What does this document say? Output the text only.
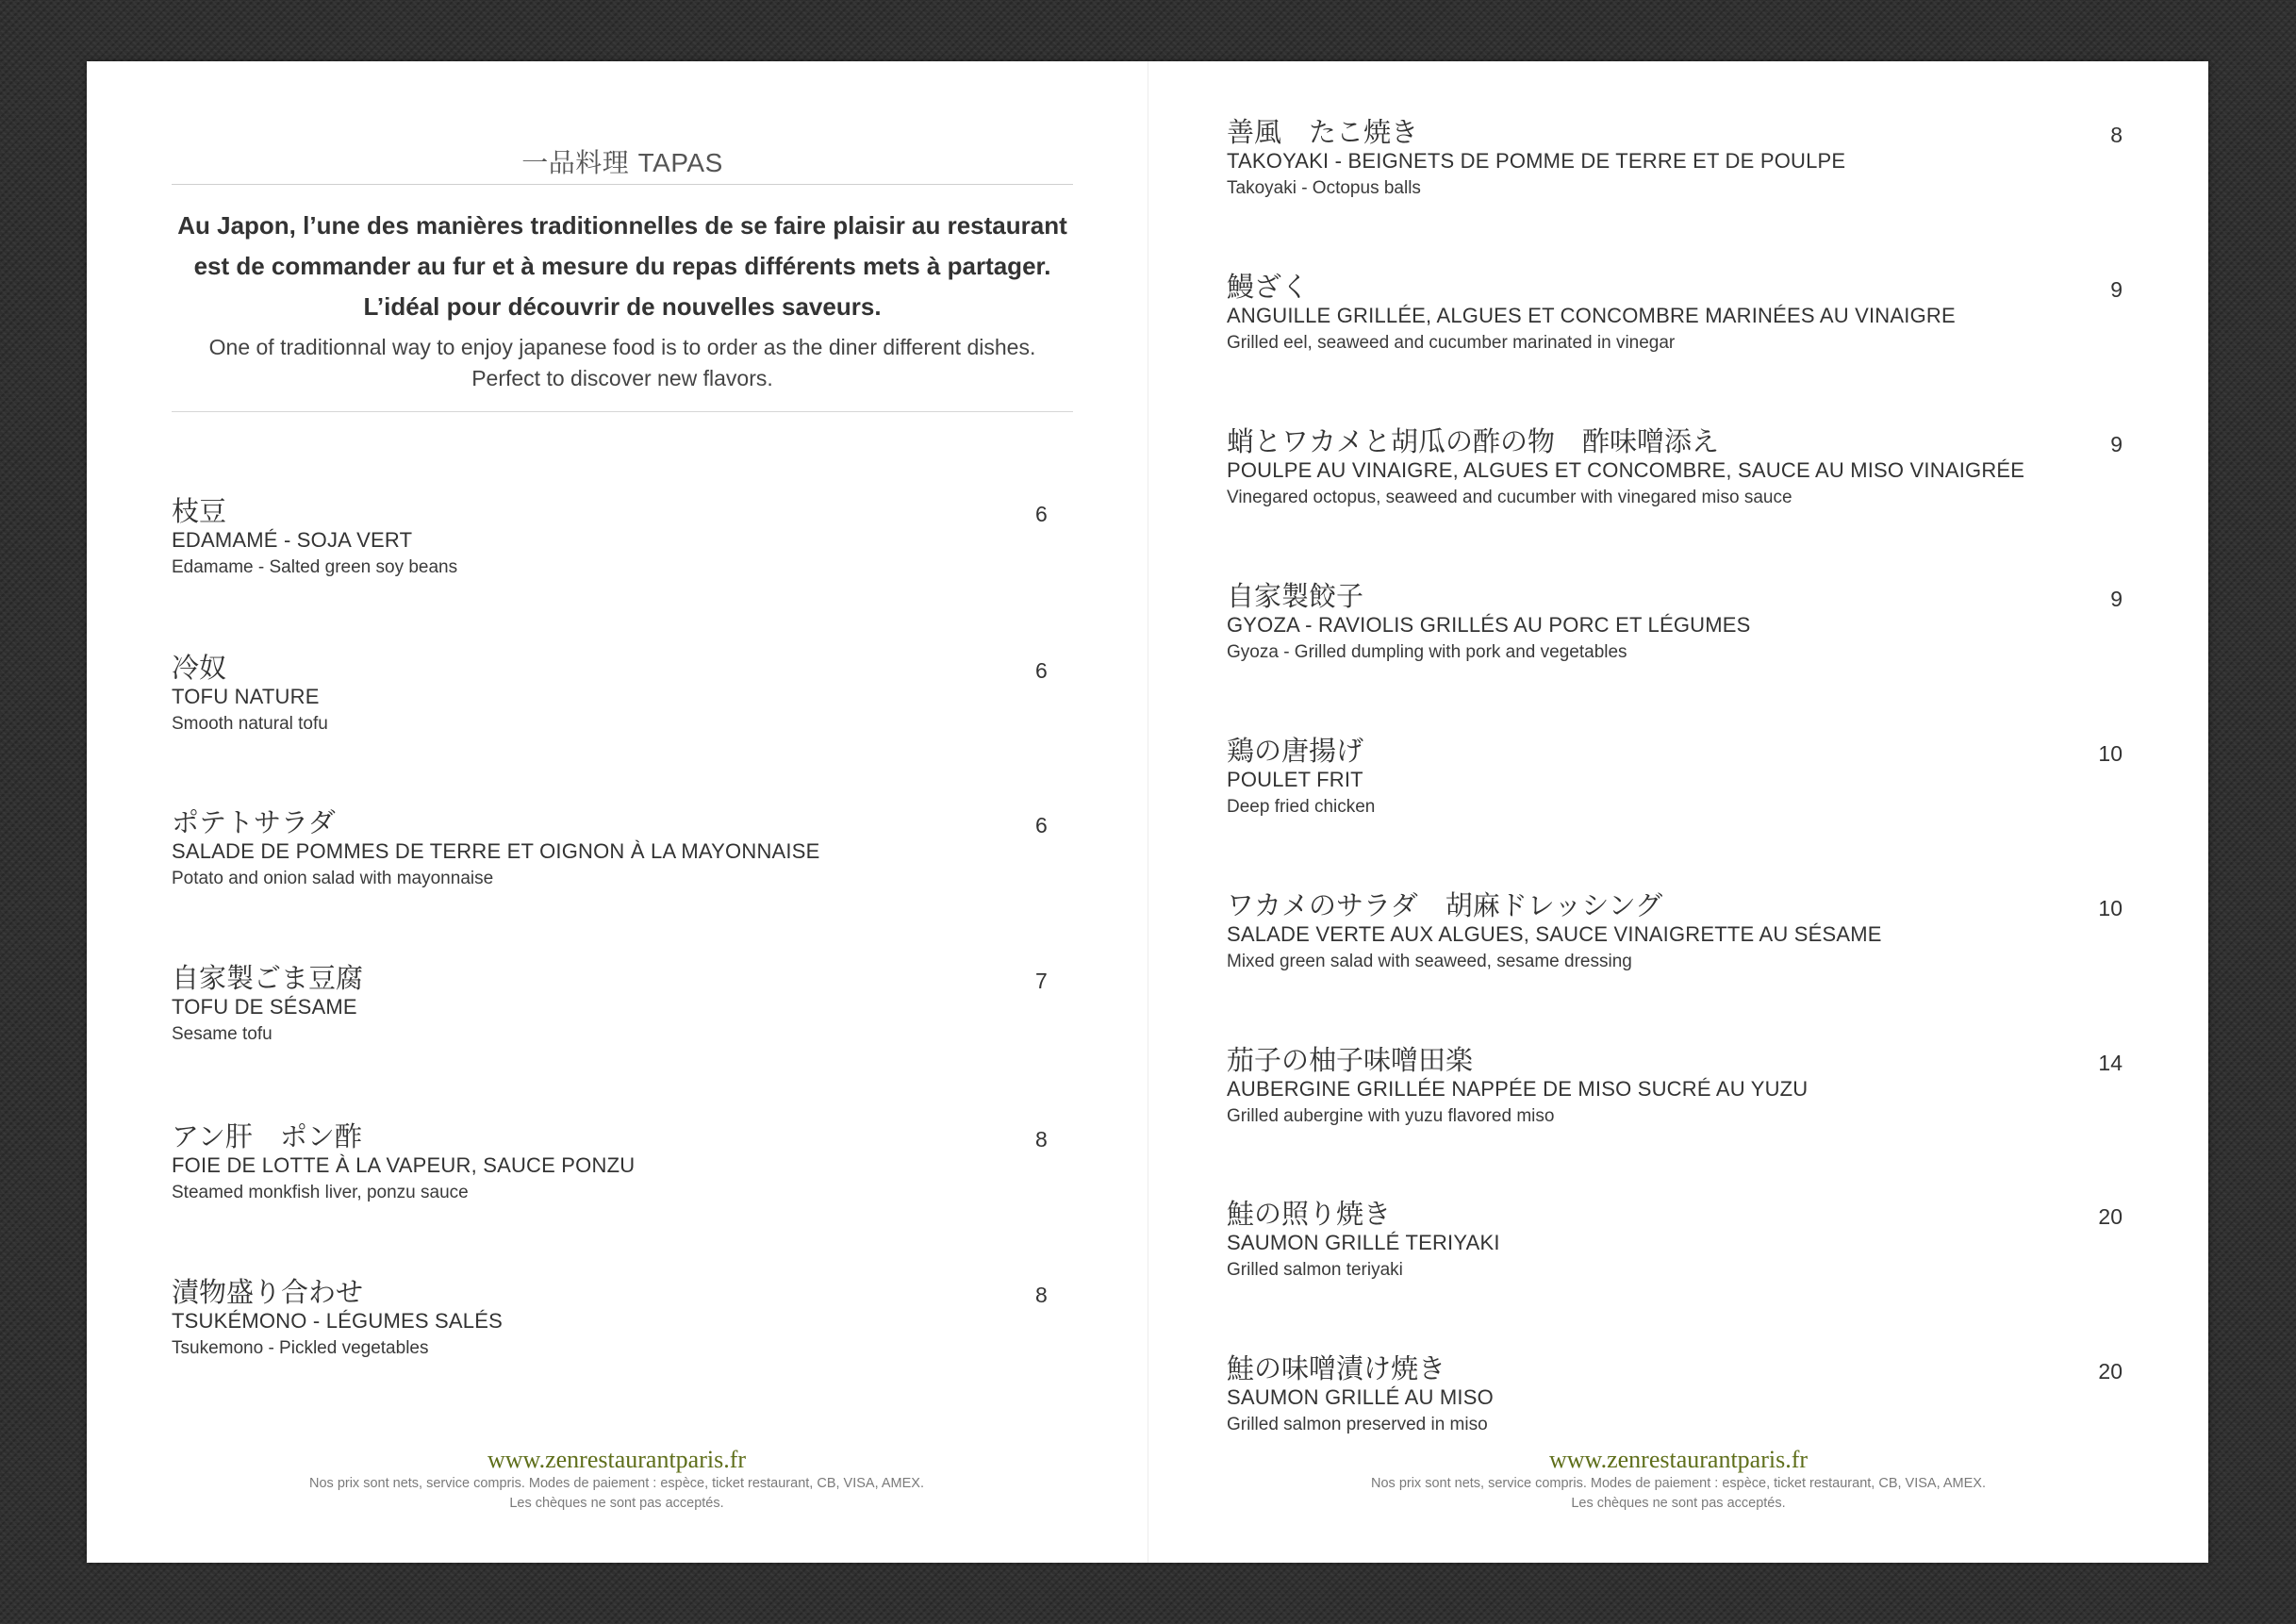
一品料理 TAPAS
Au Japon, l’une des manières traditionnelles de se faire plaisir au restaurant est de commander au fur et à mesure du repas différents mets à partager. L’idéal pour découvrir de nouvelles saveurs.
One of traditionnal way to enjoy japanese food is to order as the diner different dishes.
Perfect to discover new flavors.
枝豆	6
EDAMAMÉ - SOJA VERT
Edamame - Salted green soy beans
冷奴	6
TOFU NATURE
Smooth natural tofu
ポテトサラダ	6
SALADE DE POMMES DE TERRE ET OIGNON À LA MAYONNAISE
Potato and onion salad with mayonnaise
自家製ごま豆腐	7
TOFU DE SÉSAME
Sesame tofu
アン肝　ポン酢	8
FOIE DE LOTTE À LA VAPEUR, SAUCE PONZU
Steamed monkfish liver, ponzu sauce
漬物盛り合わせ	8
TSUKÉMONO - LÉGUMES SALÉS
Tsukemono - Pickled vegetables
www.zenrestaurantparis.fr
Nos prix sont nets, service compris. Modes de paiement : espèce, ticket restaurant, CB, VISA, AMEX.
Les chèques ne sont pas acceptés.
善風　たこ焼き	8
TAKOYAKI - BEIGNETS DE POMME DE TERRE ET DE POULPE
Takoyaki - Octopus balls
鰻ざく	9
ANGUILLE GRILLÉE, ALGUES ET CONCOMBRE MARINÉES AU VINAIGRE
Grilled eel, seaweed and cucumber marinated in vinegar
蛸とワカメと胡瓜の酢の物　酢味噌添え	9
POULPE AU VINAIGRE, ALGUES ET CONCOMBRE, SAUCE AU MISO VINAIGRÉE
Vinegared octopus, seaweed and cucumber with vinegared miso sauce
自家製餃子	9
GYOZA - RAVIOLIS GRILLÉS AU PORC ET LÉGUMES
Gyoza - Grilled dumpling with pork and vegetables
鶏の唐揚げ	10
POULET FRIT
Deep fried chicken
ワカメのサラダ　胡麻ドレッシング	10
SALADE VERTE AUX ALGUES, SAUCE VINAIGRETTE AU SÉSAME
Mixed green salad with seaweed, sesame dressing
茄子の柚子味噌田楽	14
AUBERGINE GRILLÉE NAPPÉE DE MISO SUCRÉ AU YUZU
Grilled aubergine with yuzu flavored miso
鮭の照り焼き	20
SAUMON GRILLÉ TERIYAKI
Grilled salmon teriyaki
鮭の味噌漬け焼き	20
SAUMON GRILLÉ AU MISO
Grilled salmon preserved in miso
www.zenrestaurantparis.fr
Nos prix sont nets, service compris. Modes de paiement : espèce, ticket restaurant, CB, VISA, AMEX.
Les chèques ne sont pas acceptés.
